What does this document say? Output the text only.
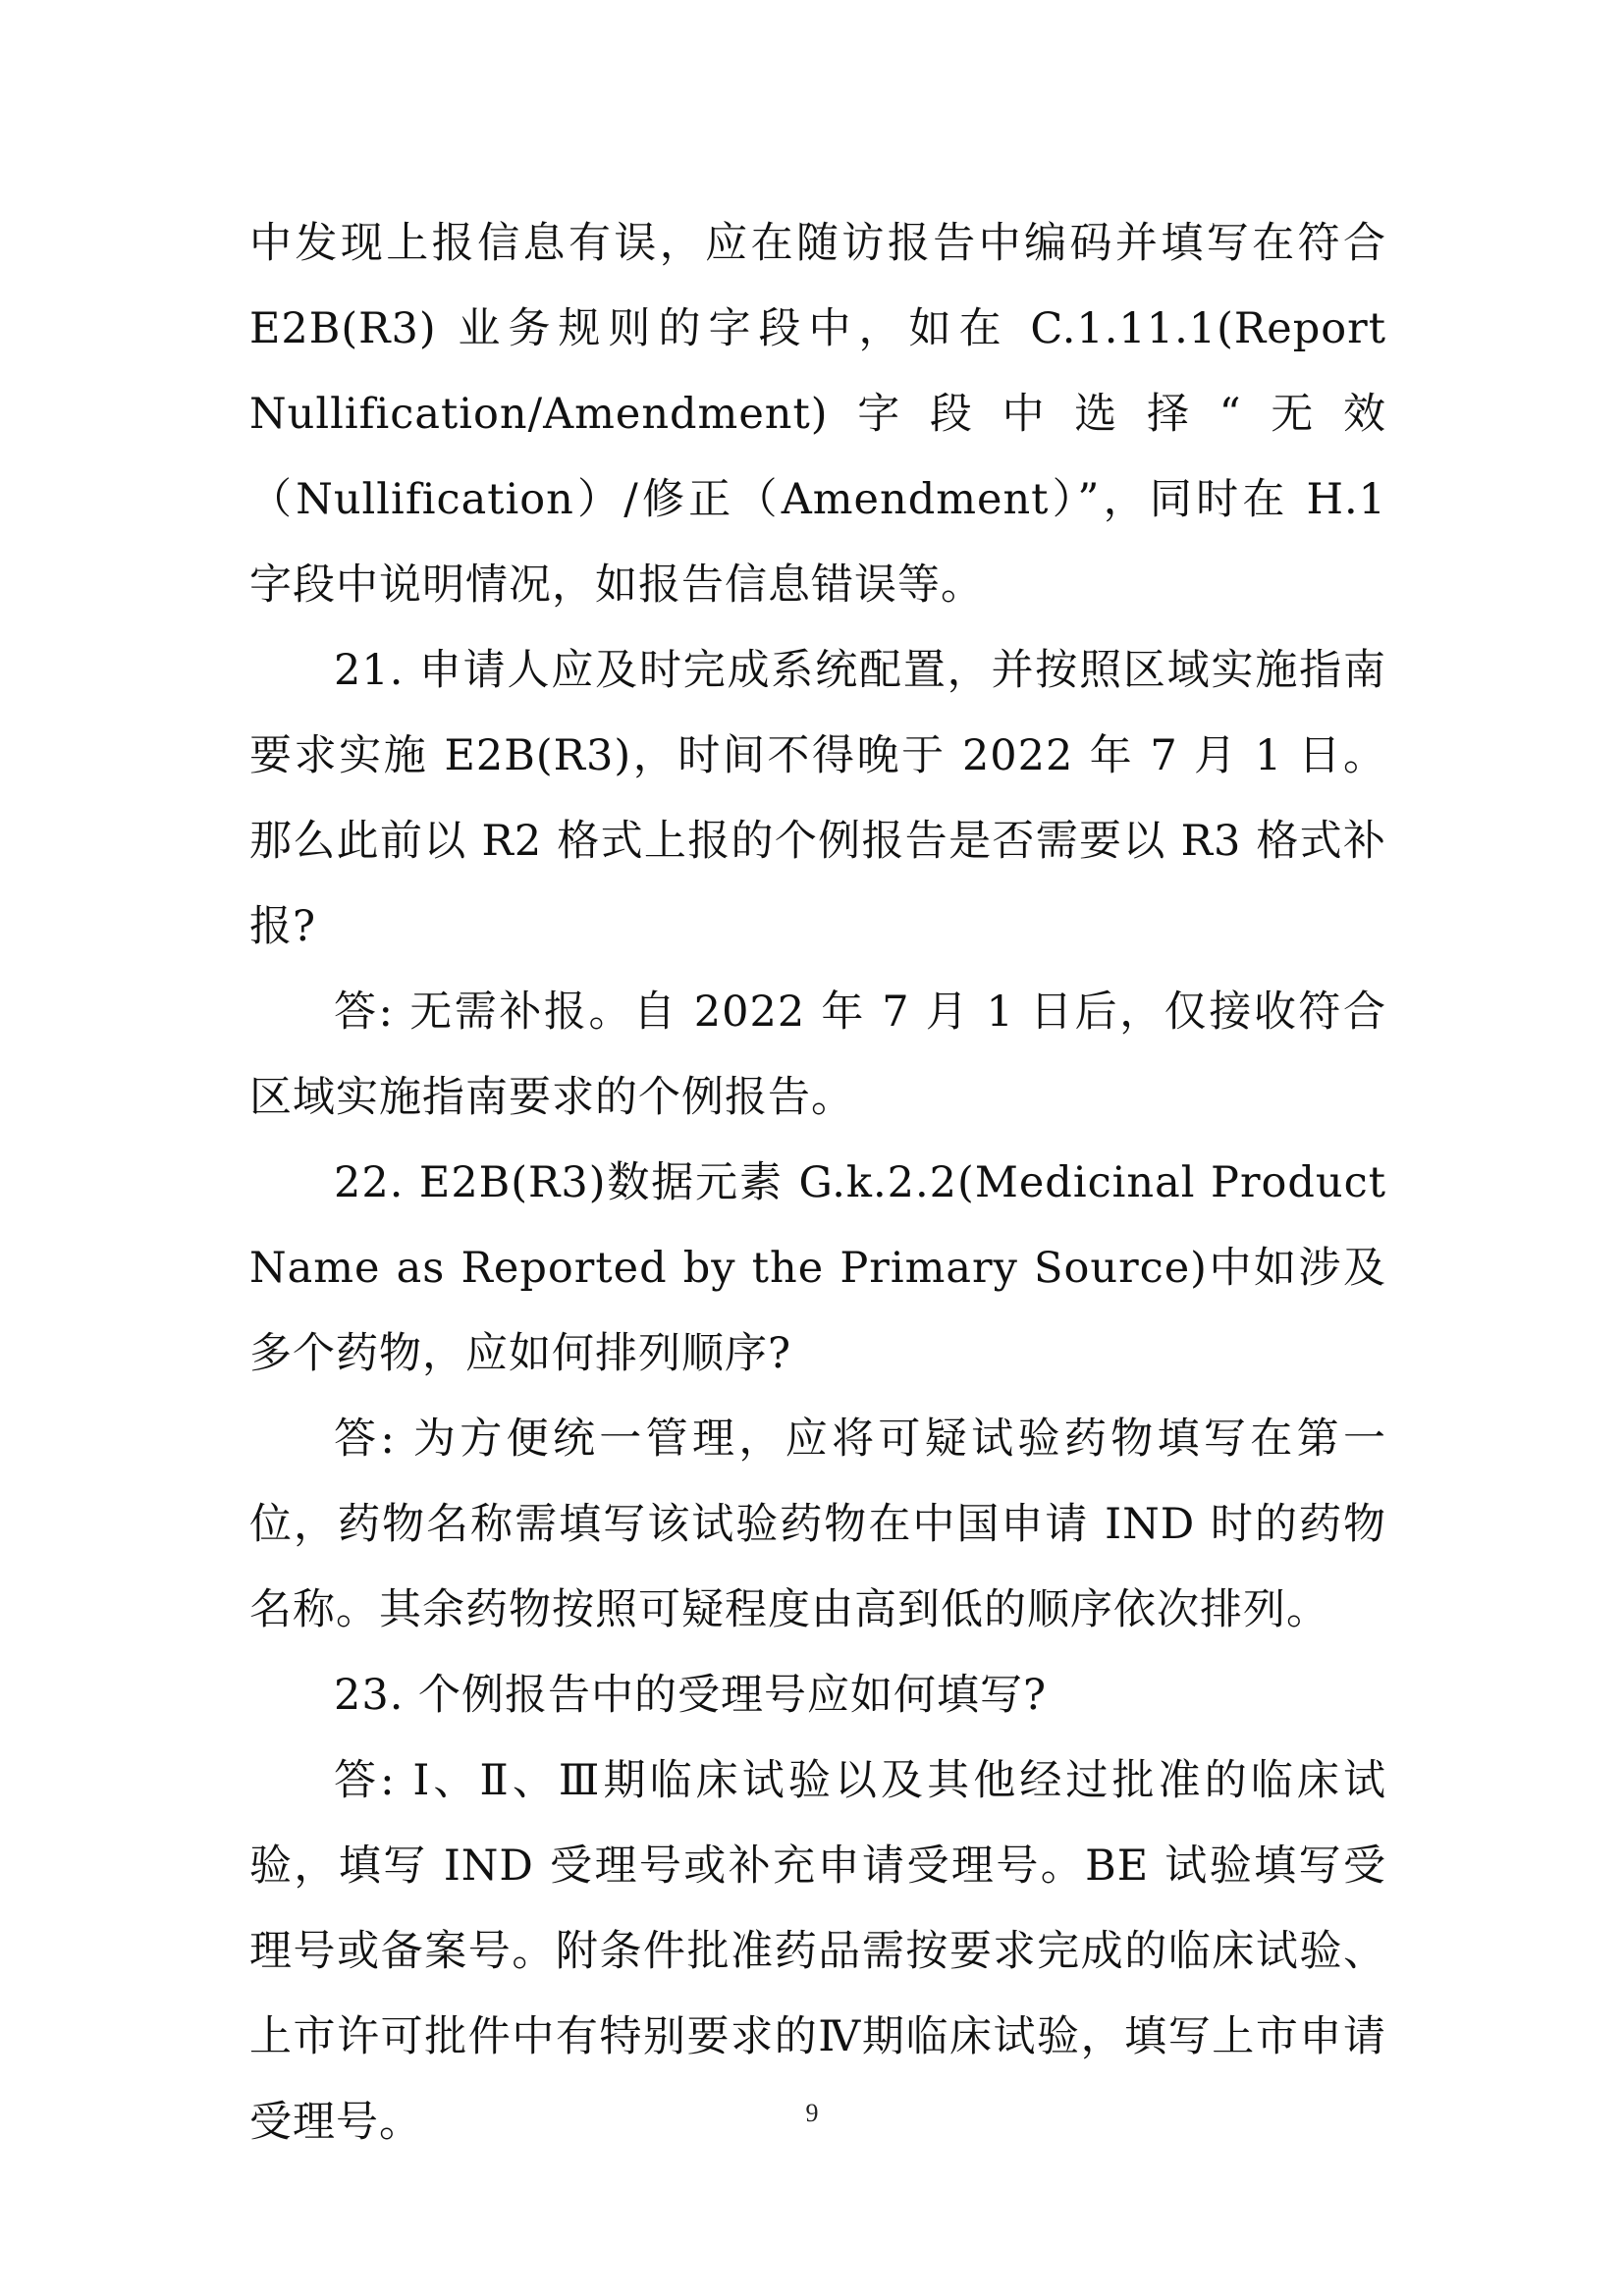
中发现上报信息有误，应在随访报告中编码并填写在符合E2B(R3) 业务规则的字段中，如在 C.1.11.1(Report Nullification/Amendment)字段中选择“无效（Nullification）/修正（Amendment）”，同时在 H.1 字段中说明情况，如报告信息错误等。

21. 申请人应及时完成系统配置，并按照区域实施指南要求实施 E2B(R3)，时间不得晚于 2022 年 7 月 1 日。那么此前以 R2 格式上报的个例报告是否需要以 R3 格式补报?

答: 无需补报。自 2022 年 7 月 1 日后，仅接收符合区域实施指南要求的个例报告。

22. E2B(R3)数据元素 G.k.2.2(Medicinal Product Name as Reported by the Primary Source)中如涉及多个药物，应如何排列顺序?

答: 为方便统一管理，应将可疑试验药物填写在第一位，药物名称需填写该试验药物在中国申请 IND 时的药物名称。其余药物按照可疑程度由高到低的顺序依次排列。

23. 个例报告中的受理号应如何填写?

答: Ⅰ、Ⅱ、Ⅲ期临床试验以及其他经过批准的临床试验，填写 IND 受理号或补充申请受理号。BE 试验填写受理号或备案号。附条件批准药品需按要求完成的临床试验、上市许可批件中有特别要求的Ⅳ期临床试验，填写上市申请受理号。	9
